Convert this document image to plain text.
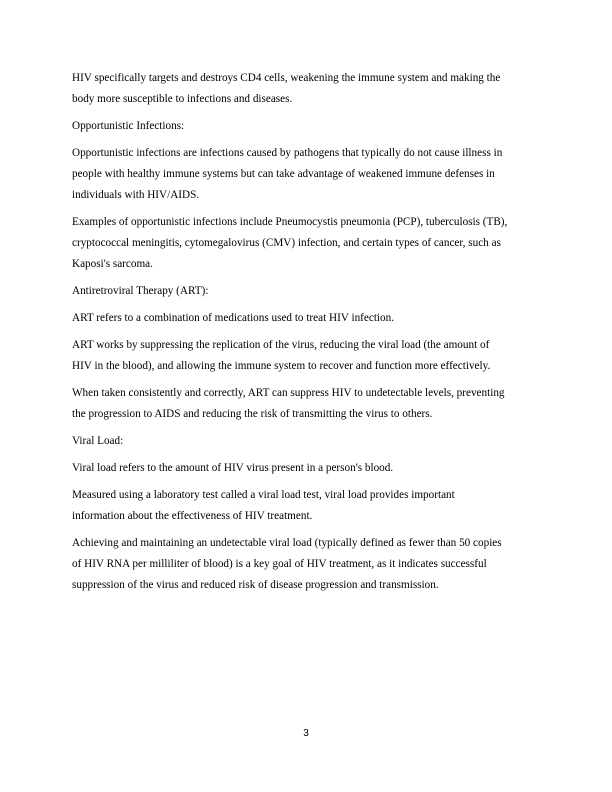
HIV specifically targets and destroys CD4 cells, weakening the immune system and making the
body more susceptible to infections and diseases.

Opportunistic Infections:

Opportunistic infections are infections caused by pathogens that typically do not cause illness in
people with healthy immune systems but can take advantage of weakened immune defenses in
individuals with HIV/AIDS.

Examples of opportunistic infections include Pneumocystis pneumonia (PCP), tuberculosis (TB),
cryptococcal meningitis, cytomegalovirus (CMV) infection, and certain types of cancer, such as
Kaposi's sarcoma.

Antiretroviral Therapy (ART):

ART refers to a combination of medications used to treat HIV infection.

ART works by suppressing the replication of the virus, reducing the viral load (the amount of
HIV in the blood), and allowing the immune system to recover and function more effectively.

When taken consistently and correctly, ART can suppress HIV to undetectable levels, preventing
the progression to AIDS and reducing the risk of transmitting the virus to others.

Viral Load:

Viral load refers to the amount of HIV virus present in a person's blood.

Measured using a laboratory test called a viral load test, viral load provides important
information about the effectiveness of HIV treatment.

Achieving and maintaining an undetectable viral load (typically defined as fewer than 50 copies
of HIV RNA per milliliter of blood) is a key goal of HIV treatment, as it indicates successful
suppression of the virus and reduced risk of disease progression and transmission.

3
